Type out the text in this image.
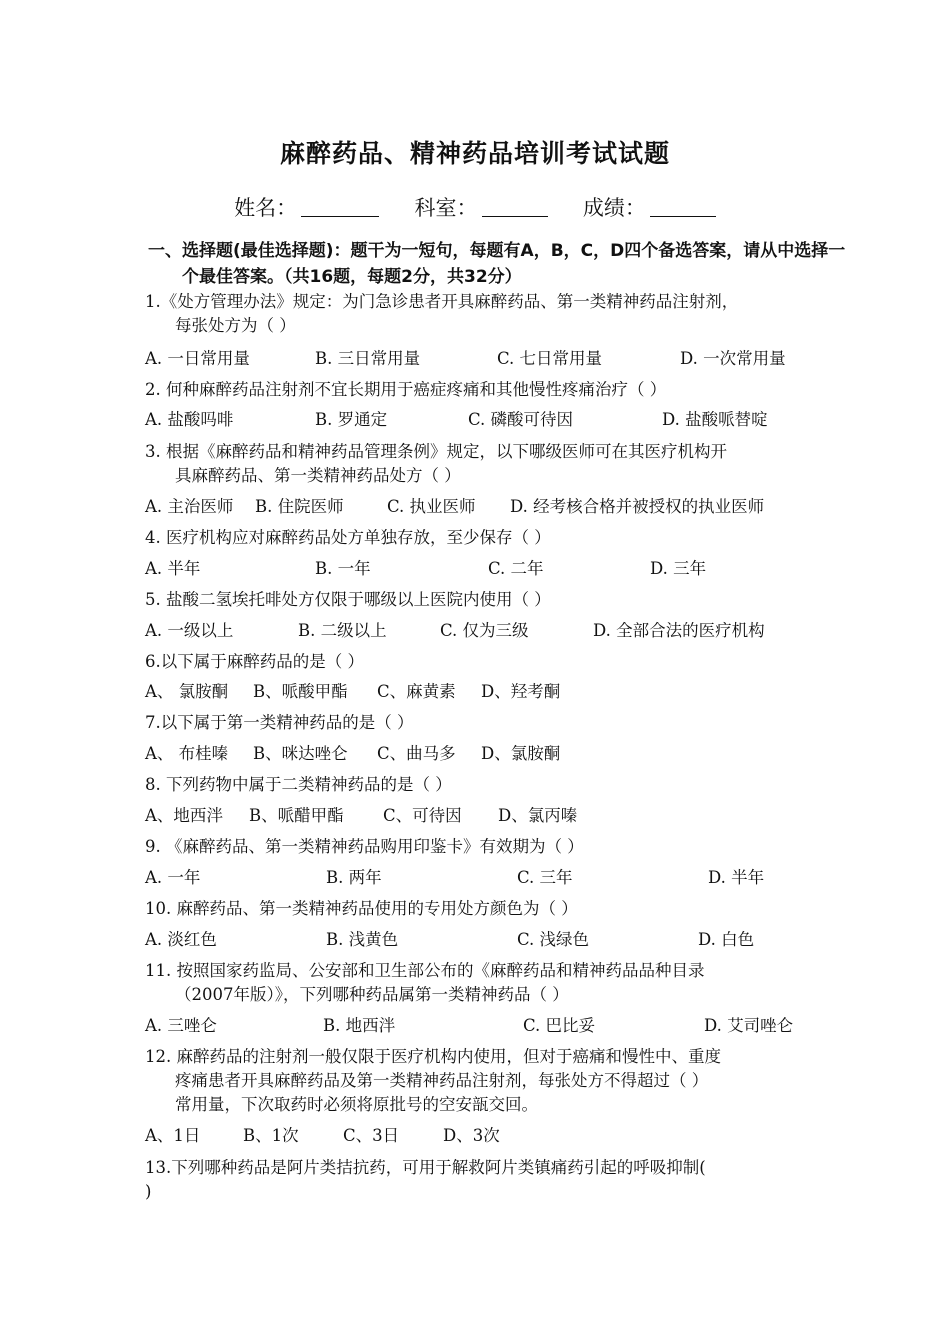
麻醉药品、精神药品培训考试试题
姓名：	科室：	成绩：
一、选择题(最佳选择题)：题干为一短句，每题有A，B，C，D四个备选答案，请从中选择一个最佳答案。（共16题，每题2分，共32分）
1.《处方管理办法》规定：为门急诊患者开具麻醉药品、第一类精神药品注射剂，
每张处方为（ ）
A. 一日常用量	B. 三日常用量	C. 七日常用量	D. 一次常用量
2. 何种麻醉药品注射剂不宜长期用于癌症疼痛和其他慢性疼痛治疗（ ）
A. 盐酸吗啡	B. 罗通定	C. 磷酸可待因	D. 盐酸哌替啶
3. 根据《麻醉药品和精神药品管理条例》规定，以下哪级医师可在其医疗机构开
具麻醉药品、第一类精神药品处方（ ）
A. 主治医师 B. 住院医师	C. 执业医师 D. 经考核合格并被授权的执业医师
4. 医疗机构应对麻醉药品处方单独存放，至少保存（ ）
A. 半年	B. 一年	C. 二年	D. 三年
5. 盐酸二氢埃托啡处方仅限于哪级以上医院内使用（ ）
A. 一级以上	B. 二级以上	C. 仅为三级	D. 全部合法的医疗机构
6.以下属于麻醉药品的是（ ）
A、 氯胺酮 B、哌酸甲酯 C、麻黄素 D、羟考酮
7.以下属于第一类精神药品的是（ ）
A、 布桂嗪 B、咪达唑仑 C、曲马多 D、氯胺酮
8. 下列药物中属于二类精神药品的是（ ）
A、地西泮 B、哌醋甲酯 C、可待因 D、氯丙嗪
9. 《麻醉药品、第一类精神药品购用印鉴卡》有效期为（ ）
A. 一年	B. 两年	C. 三年	D. 半年
10. 麻醉药品、第一类精神药品使用的专用处方颜色为（ ）
A. 淡红色	B. 浅黄色	C. 浅绿色	D. 白色
11. 按照国家药监局、公安部和卫生部公布的《麻醉药品和精神药品品种目录
（2007年版）》，下列哪种药品属第一类精神药品（ ）
A. 三唑仑	B. 地西泮	C. 巴比妥	D. 艾司唑仑
12. 麻醉药品的注射剂一般仅限于医疗机构内使用，但对于癌痛和慢性中、重度
疼痛患者开具麻醉药品及第一类精神药品注射剂，每张处方不得超过（ ）
常用量，下次取药时必须将原批号的空安瓿交回。
A、1日	B、1次	C、3日	D、3次
13.下列哪种药品是阿片类拮抗药，可用于解救阿片类镇痛药引起的呼吸抑制(
)
